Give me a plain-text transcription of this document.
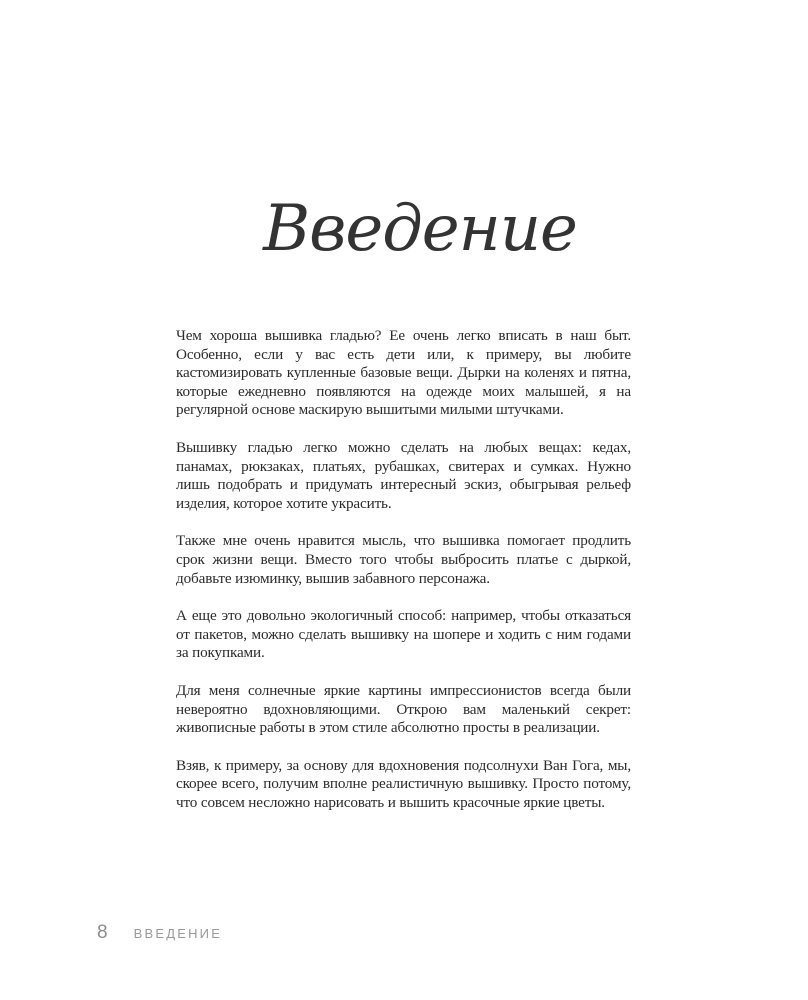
Введение

Чем хороша вышивка гладью? Ее очень легко вписать в наш быт. Особенно, если у вас есть дети или, к примеру, вы любите кастомизировать купленные базовые вещи. Дырки на коленях и пятна, которые ежедневно появляются на одежде моих малышей, я на регулярной основе маскирую вышитыми милыми штучками.

Вышивку гладью легко можно сделать на любых вещах: кедах, панамах, рюкзаках, платьях, рубашках, свитерах и сумках. Нужно лишь подобрать и придумать интересный эскиз, обыгрывая рельеф изделия, которое хотите украсить.

Также мне очень нравится мысль, что вышивка помогает продлить срок жизни вещи. Вместо того чтобы выбросить платье с дыркой, добавьте изюминку, вышив забавного персонажа.

А еще это довольно экологичный способ: например, чтобы отказаться от пакетов, можно сделать вышивку на шопере и ходить с ним годами за покупками.

Для меня солнечные яркие картины импрессионистов всегда были невероятно вдохновляющими. Открою вам маленький секрет: живописные работы в этом стиле абсолютно просты в реализации.

Взяв, к примеру, за основу для вдохновения подсолнухи Ван Гога, мы, скорее всего, получим вполне реалистичную вышивку. Просто потому, что совсем несложно нарисовать и вышить красочные яркие цветы.

8 ВВЕДЕНИЕ
